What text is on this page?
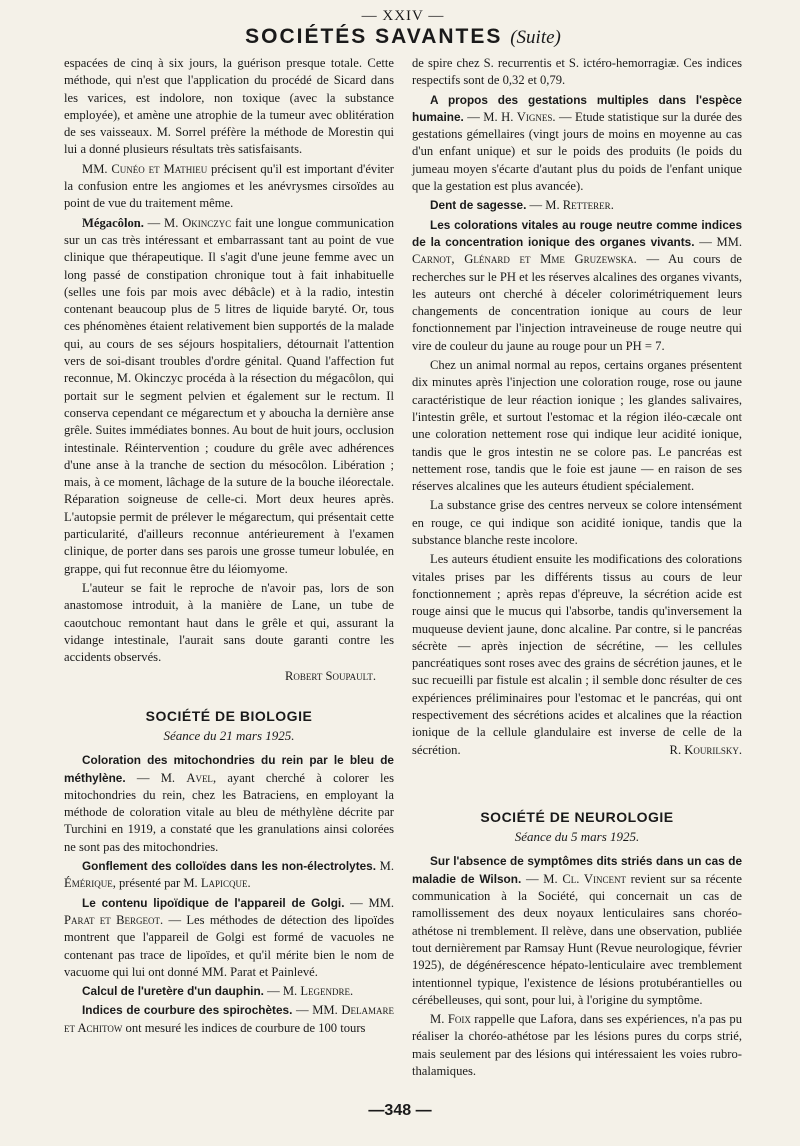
— XXIV —
SOCIÉTÉS SAVANTES (Suite)

espacées de cinq à six jours, la guérison presque totale. Cette méthode, qui n'est que l'application du procédé de Sicard dans les varices, est indolore, non toxique (avec la substance employée), et amène une atrophie de la tumeur avec oblitération de ses vaisseaux. M. Sorrel préfère la méthode de Morestin qui lui a donné plusieurs résultats très satisfaisants.

MM. Cunéo et Mathieu précisent qu'il est important d'éviter la confusion entre les angiomes et les anévrysmes cirsoïdes au point de vue du traitement même.

Mégacôlon. — M. Okinczyc fait une longue communication sur un cas très intéressant et embarrassant tant au point de vue clinique que thérapeutique. Il s'agit d'une jeune femme avec un long passé de constipation chronique tout à fait inhabituelle (selles une fois par mois avec débâcle) et à la radio, intestin contenant beaucoup plus de 5 litres de liquide baryté. Or, tous ces phénomènes étaient relativement bien supportés de la malade qui, au cours de ses séjours hospitaliers, détournait l'attention vers de soi-disant troubles d'ordre génital. Quand l'affection fut reconnue, M. Okinczyc procéda à la résection du mégacôlon, qui portait sur le segment pelvien et également sur le rectum. Il conserva cependant ce mégarectum et y aboucha la dernière anse grêle. Suites immédiates bonnes. Au bout de huit jours, occlusion intestinale. Réintervention ; coudure du grêle avec adhérences d'une anse à la tranche de section du mésocôlon. Libération ; mais, à ce moment, lâchage de la suture de la bouche iléorectale. Réparation soigneuse de celle-ci. Mort deux heures après. L'autopsie permit de prélever le mégarectum, qui présentait cette particularité, d'ailleurs reconnue antérieurement à l'examen clinique, de porter dans ses parois une grosse tumeur lobulée, en grappe, qui fut reconnue être du léiomyome.

L'auteur se fait le reproche de n'avoir pas, lors de son anastomose introduit, à la manière de Lane, un tube de caoutchouc remontant haut dans le grêle et qui, assurant la vidange intestinale, l'aurait sans doute garanti contre les accidents observés.

Robert Soupault.
SOCIÉTÉ DE BIOLOGIE
Séance du 21 mars 1925.

Coloration des mitochondries du rein par le bleu de méthylène. — M. Avel, ayant cherché à colorer les mitochondries du rein, chez les Batraciens, en employant la méthode de coloration vitale au bleu de méthylène décrite par Turchini en 1919, a constaté que les granulations ainsi colorées ne sont pas des mitochondries.

Gonflement des colloïdes dans les non-électrolytes. M. Émérique, présenté par M. Lapicque.

Le contenu lipoïdique de l'appareil de Golgi. — MM. Parat et Bergeot. — Les méthodes de détection des lipoïdes montrent que l'appareil de Golgi est formé de vacuoles ne contenant pas trace de lipoïdes, et qu'il mérite bien le nom de vacuome qui lui ont donné MM. Parat et Painlevé.

Calcul de l'uretère d'un dauphin. — M. Legendre.

Indices de courbure des spirochètes. — MM. Delamare et Achitow ont mesuré les indices de courbure de 100 tours

de spire chez S. recurrentis et S. ictéro-hemorragiæ. Ces indices respectifs sont de 0,32 et 0,79.

A propos des gestations multiples dans l'espèce humaine. — M. H. Vignes. — Etude statistique sur la durée des gestations gémellaires (vingt jours de moins en moyenne au cas d'un enfant unique) et sur le poids des produits (le poids du jumeau moyen s'écarte d'autant plus du poids de l'enfant unique que la gestation est plus avancée).

Dent de sagesse. — M. Retterer.

Les colorations vitales au rouge neutre comme indices de la concentration ionique des organes vivants. — MM. Carnot, Glénard et Mme Gruzewska. — Au cours de recherches sur le PH et les réserves alcalines des organes vivants, les auteurs ont cherché à déceler colorimétriquement leurs changements de concentration ionique au cours de leur fonctionnement par l'injection intraveineuse de rouge neutre qui vire de couleur du jaune au rouge pour un PH = 7.

Chez un animal normal au repos, certains organes présentent dix minutes après l'injection une coloration rouge, rose ou jaune caractéristique de leur réaction ionique ; les glandes salivaires, l'intestin grêle, et surtout l'estomac et la région iléo-cæcale ont une coloration nettement rose qui indique leur acidité ionique, tandis que le gros intestin ne se colore pas. Le pancréas est nettement rose, tandis que le foie est jaune — en raison de ses réserves alcalines que les auteurs étudient spécialement.

La substance grise des centres nerveux se colore intensément en rouge, ce qui indique son acidité ionique, tandis que la substance blanche reste incolore.

Les auteurs étudient ensuite les modifications des colorations vitales prises par les différents tissus au cours de leur fonctionnement ; après repas d'épreuve, la sécrétion acide est rouge ainsi que le mucus qui l'absorbe, tandis qu'inversement la muqueuse devient jaune, donc alcaline. Par contre, si le pancréas sécrète — après injection de sécrétine, — les cellules pancréatiques sont roses avec des grains de sécrétion jaunes, et le suc recueilli par fistule est alcalin ; il semble donc résulter de ces expériences préliminaires pour l'estomac et le pancréas, qui ont respectivement des sécrétions acides et alcalines que la réaction ionique de la cellule glandulaire est inverse de celle de la sécrétion.	R. Kourilsky.

SOCIÉTÉ DE NEUROLOGIE
Séance du 5 mars 1925.

Sur l'absence de symptômes dits striés dans un cas de maladie de Wilson. — M. Cl. Vincent revient sur sa récente communication à la Société, qui concernait un cas de ramollissement des deux noyaux lenticulaires sans choréo-athétose ni tremblement. Il relève, dans une observation, publiée tout dernièrement par Ramsay Hunt (Revue neurologique, février 1925), de dégénérescence hépato-lenticulaire avec tremblement intentionnel typique, l'existence de lésions protubérantielles ou cérébelleuses, qui sont, pour lui, à l'origine du symptôme.

M. Foix rappelle que Lafora, dans ses expériences, n'a pas pu réaliser la choréo-athétose par les lésions pures du corps strié, mais seulement par des lésions qui intéressaient les voies rubro-thalamiques.

—348 —
